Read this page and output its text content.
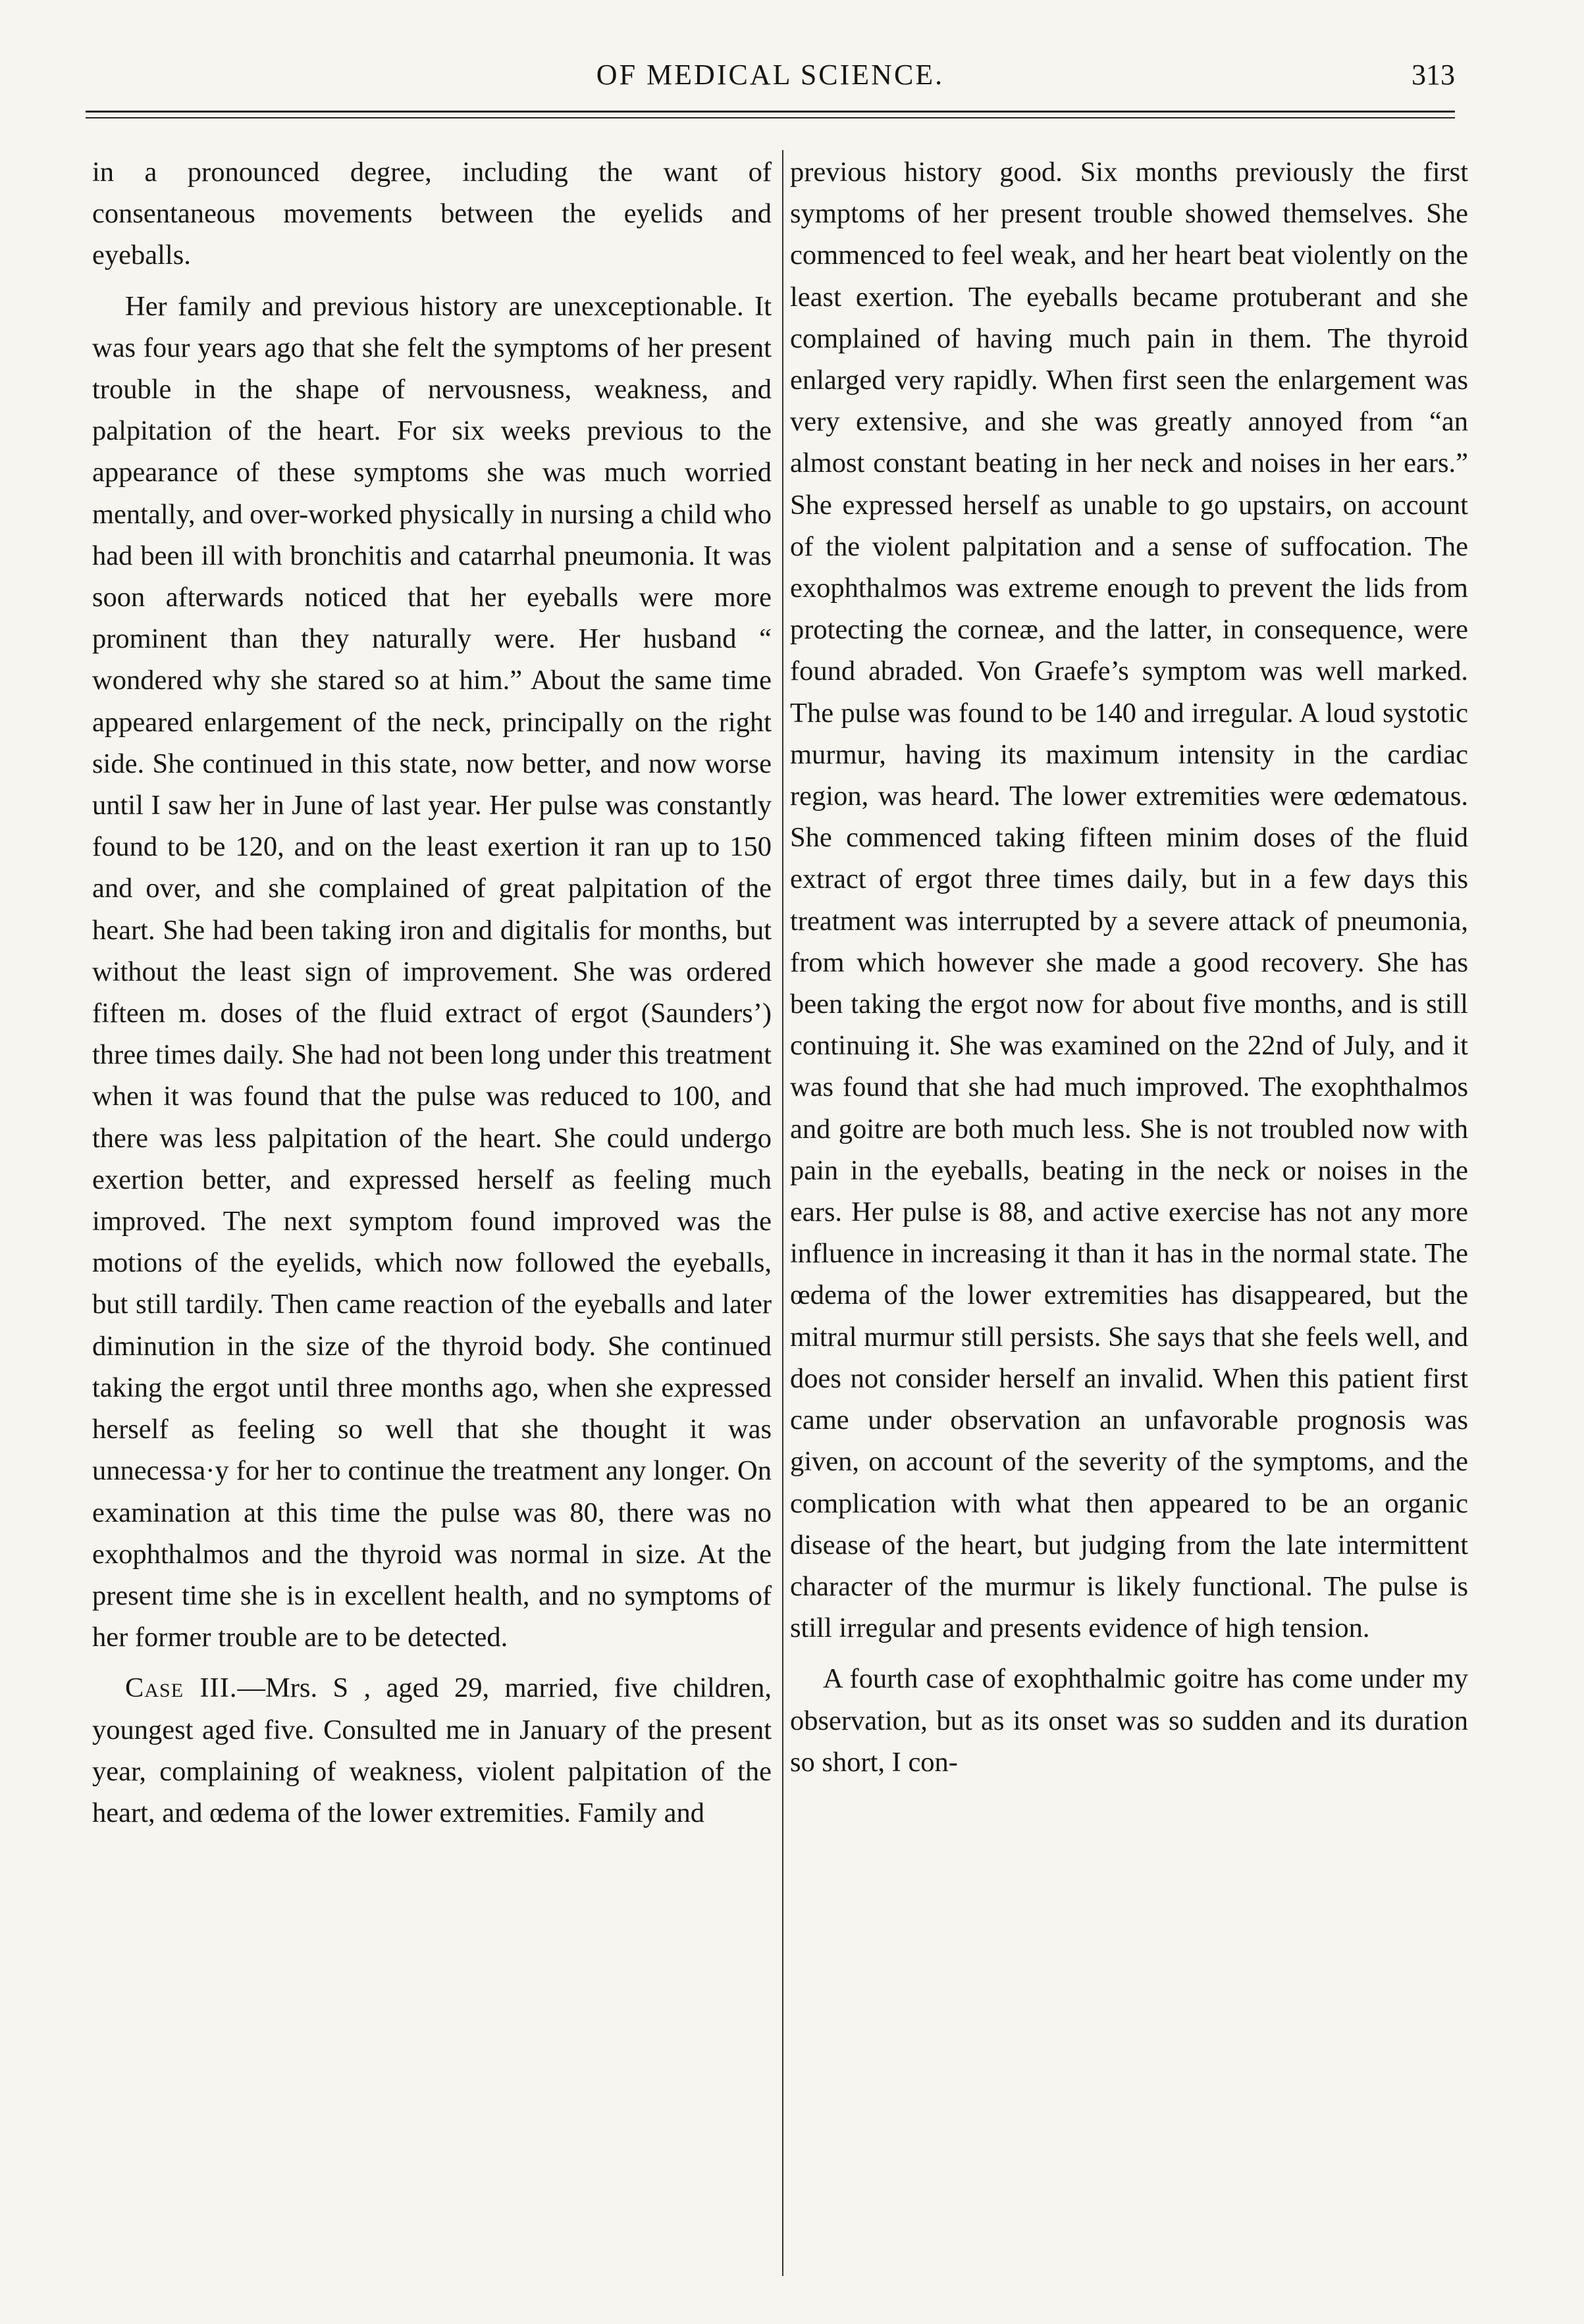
OF MEDICAL SCIENCE.	313

in a pronounced degree, including the want of consentaneous movements between the eyelids and eyeballs.

Her family and previous history are unexceptionable. It was four years ago that she felt the symptoms of her present trouble in the shape of nervousness, weakness, and palpitation of the heart. For six weeks previous to the appearance of these symptoms she was much worried mentally, and over-worked physically in nursing a child who had been ill with bronchitis and catarrhal pneumonia. It was soon afterwards noticed that her eyeballs were more prominent than they naturally were. Her husband “ wondered why she stared so at him.” About the same time appeared enlargement of the neck, principally on the right side. She continued in this state, now better, and now worse until I saw her in June of last year. Her pulse was constantly found to be 120, and on the least exertion it ran up to 150 and over, and she complained of great palpitation of the heart. She had been taking iron and digitalis for months, but without the least sign of improvement. She was ordered fifteen m. doses of the fluid extract of ergot (Saunders’) three times daily. She had not been long under this treatment when it was found that the pulse was reduced to 100, and there was less palpitation of the heart. She could undergo exertion better, and expressed herself as feeling much improved. The next symptom found improved was the motions of the eyelids, which now followed the eyeballs, but still tardily. Then came reaction of the eyeballs and later diminution in the size of the thyroid body. She continued taking the ergot until three months ago, when she expressed herself as feeling so well that she thought it was unnecessa·y for her to continue the treatment any longer. On examination at this time the pulse was 80, there was no exophthalmos and the thyroid was normal in size. At the present time she is in excellent health, and no symptoms of her former trouble are to be detected.

Case III.—Mrs. S , aged 29, married, five children, youngest aged five. Consulted me in January of the present year, complaining of weakness, violent palpitation of the heart, and œdema of the lower extremities. Family and

previous history good. Six months previously the first symptoms of her present trouble showed themselves. She commenced to feel weak, and her heart beat violently on the least exertion. The eyeballs became protuberant and she complained of having much pain in them. The thyroid enlarged very rapidly. When first seen the enlargement was very extensive, and she was greatly annoyed from “an almost constant beating in her neck and noises in her ears.” She expressed herself as unable to go upstairs, on account of the violent palpitation and a sense of suffocation. The exophthalmos was extreme enough to prevent the lids from protecting the corneæ, and the latter, in consequence, were found abraded. Von Graefe’s symptom was well marked. The pulse was found to be 140 and irregular. A loud systotic murmur, having its maximum intensity in the cardiac region, was heard. The lower extremities were œdematous. She commenced taking fifteen minim doses of the fluid extract of ergot three times daily, but in a few days this treatment was interrupted by a severe attack of pneumonia, from which however she made a good recovery. She has been taking the ergot now for about five months, and is still continuing it. She was examined on the 22nd of July, and it was found that she had much improved. The exophthalmos and goitre are both much less. She is not troubled now with pain in the eyeballs, beating in the neck or noises in the ears. Her pulse is 88, and active exercise has not any more influence in increasing it than it has in the normal state. The œdema of the lower extremities has disappeared, but the mitral murmur still persists. She says that she feels well, and does not consider herself an invalid. When this patient first came under observation an unfavorable prognosis was given, on account of the severity of the symptoms, and the complication with what then appeared to be an organic disease of the heart, but judging from the late intermittent character of the murmur is likely functional. The pulse is still irregular and presents evidence of high tension.

A fourth case of exophthalmic goitre has come under my observation, but as its onset was so sudden and its duration so short, I con-
